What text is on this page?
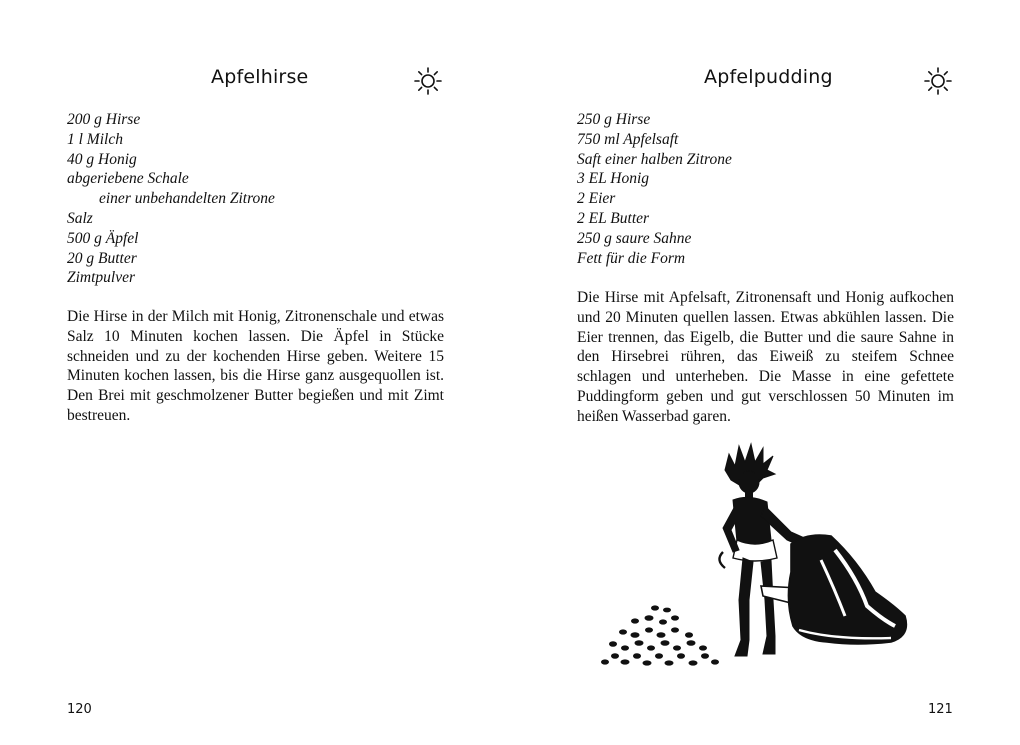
Apfelhirse
200 g Hirse
1 l Milch
40 g Honig
abgeriebene Schale
einer unbehandelten Zitrone
Salz
500 g Äpfel
20 g Butter
Zimtpulver

Die Hirse in der Milch mit Honig, Zitronenschale und etwas Salz 10 Minuten kochen lassen. Die Äpfel in Stücke schneiden und zu der kochenden Hirse geben. Weitere 15 Minuten kochen lassen, bis die Hirse ganz ausgequollen ist. Den Brei mit geschmolzener Butter begießen und mit Zimt bestreuen.

120
Apfelpudding
250 g Hirse
750 ml Apfelsaft
Saft einer halben Zitrone
3 EL Honig
2 Eier
2 EL Butter
250 g saure Sahne
Fett für die Form

Die Hirse mit Apfelsaft, Zitronensaft und Honig aufkochen und 20 Minuten quellen lassen. Etwas abkühlen lassen. Die Eier trennen, das Eigelb, die Butter und die saure Sahne in den Hirsebrei rühren, das Eiweiß zu steifem Schnee schlagen und unterheben. Die Masse in eine gefettete Puddingform geben und gut verschlossen 50 Minuten im heißen Wasserbad garen.

121
